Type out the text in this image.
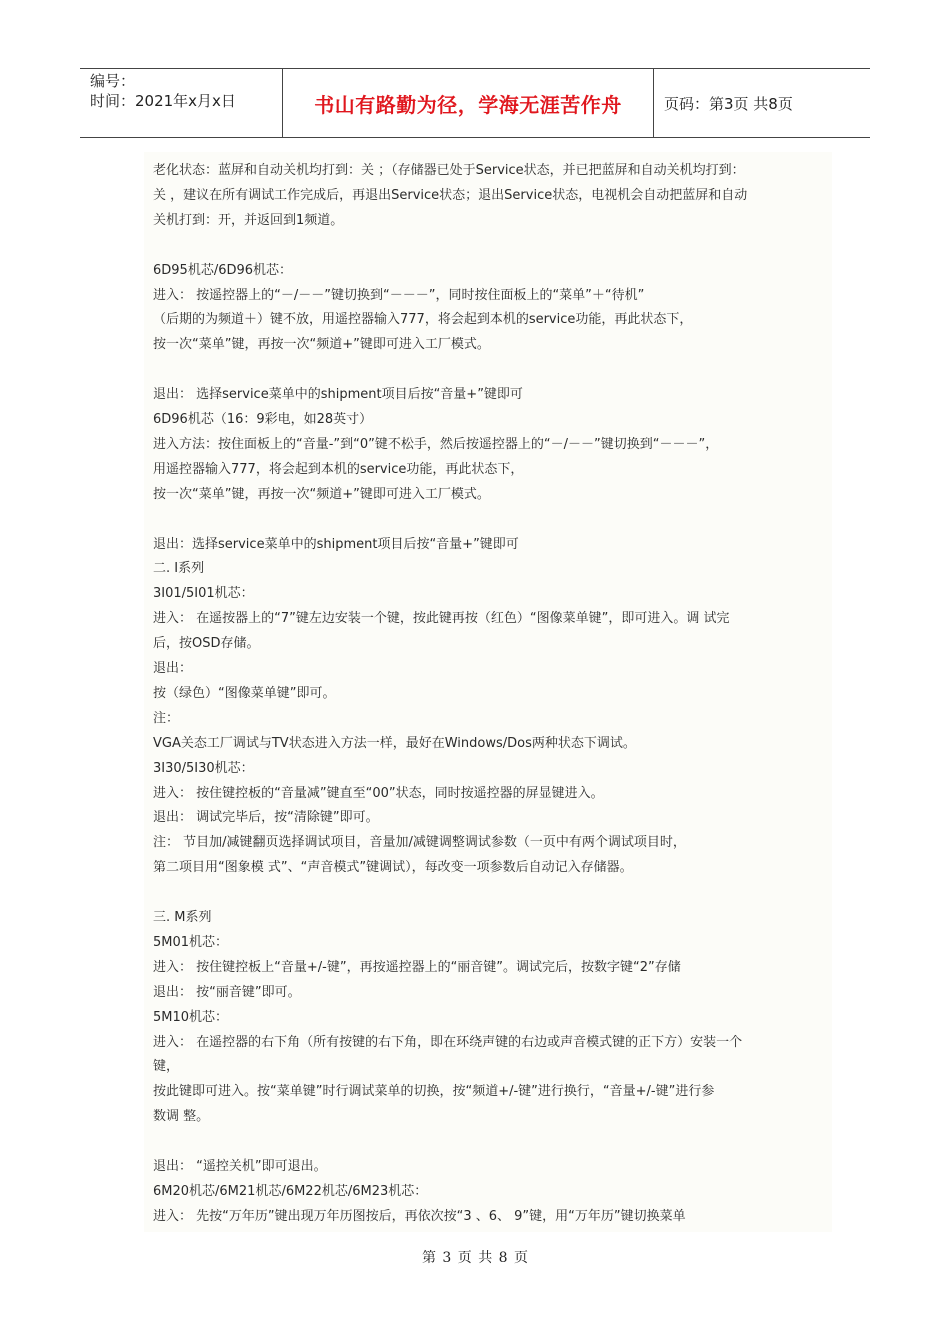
编号：
时间：2021年x月x日	书山有路勤为径，学海无涯苦作舟	页码：第3页 共8页
老化状态：蓝屏和自动关机均打到：关 ；（存储器已处于Service状态，并已把蓝屏和自动关机均打到：
关 ，建议在所有调试工作完成后，再退出Service状态；退出Service状态，电视机会自动把蓝屏和自动
关机打到：开，并返回到1频道。
6D95机芯/6D96机芯：
进入： 按遥控器上的“－/－－”键切换到“－－－”，同时按住面板上的“菜单”＋“待机”
（后期的为频道＋）键不放，用遥控器输入777，将会起到本机的service功能，再此状态下，
按一次“菜单”键，再按一次“频道+”键即可进入工厂模式。
退出： 选择service菜单中的shipment项目后按“音量+”键即可
6D96机芯（16：9彩电，如28英寸）
进入方法：按住面板上的“音量-”到“0”键不松手，然后按遥控器上的“－/－－”键切换到“－－－”，
用遥控器输入777，将会起到本机的service功能，再此状态下，
按一次“菜单”键，再按一次“频道+”键即可进入工厂模式。
退出：选择service菜单中的shipment项目后按“音量+”键即可
二. I系列
3I01/5I01机芯：
进入： 在遥按器上的“7”键左边安装一个键，按此键再按（红色）“图像菜单键”，即可进入。调 试完
后，按OSD存储。
退出：
按（绿色）“图像菜单键”即可。
注：
VGA关态工厂调试与TV状态进入方法一样，最好在Windows/Dos两种状态下调试。
3I30/5I30机芯：
进入： 按住键控板的“音量减”键直至“00”状态，同时按遥控器的屏显键进入。
退出： 调试完毕后，按“清除键”即可。
注： 节目加/减键翻页选择调试项目，音量加/减键调整调试参数（一页中有两个调试项目时，
第二项目用“图象模 式”、“声音模式”键调试），每改变一项参数后自动记入存储器。
三. M系列
5M01机芯：
进入： 按住键控板上“音量+/-键”，再按遥控器上的“丽音键”。调试完后，按数字键“2”存储
退出： 按“丽音键”即可。
5M10机芯：
进入： 在遥控器的右下角（所有按键的右下角，即在环绕声键的右边或声音模式键的正下方）安装一个
键，
按此键即可进入。按“菜单键”时行调试菜单的切换，按“频道+/-键”进行换行，“音量+/-键”进行参
数调 整。
退出： “遥控关机”即可退出。
6M20机芯/6M21机芯/6M22机芯/6M23机芯：
进入： 先按“万年历”键出现万年历图按后，再依次按“3 、6、 9”键，用“万年历”键切换菜单
第 3 页 共 8 页
